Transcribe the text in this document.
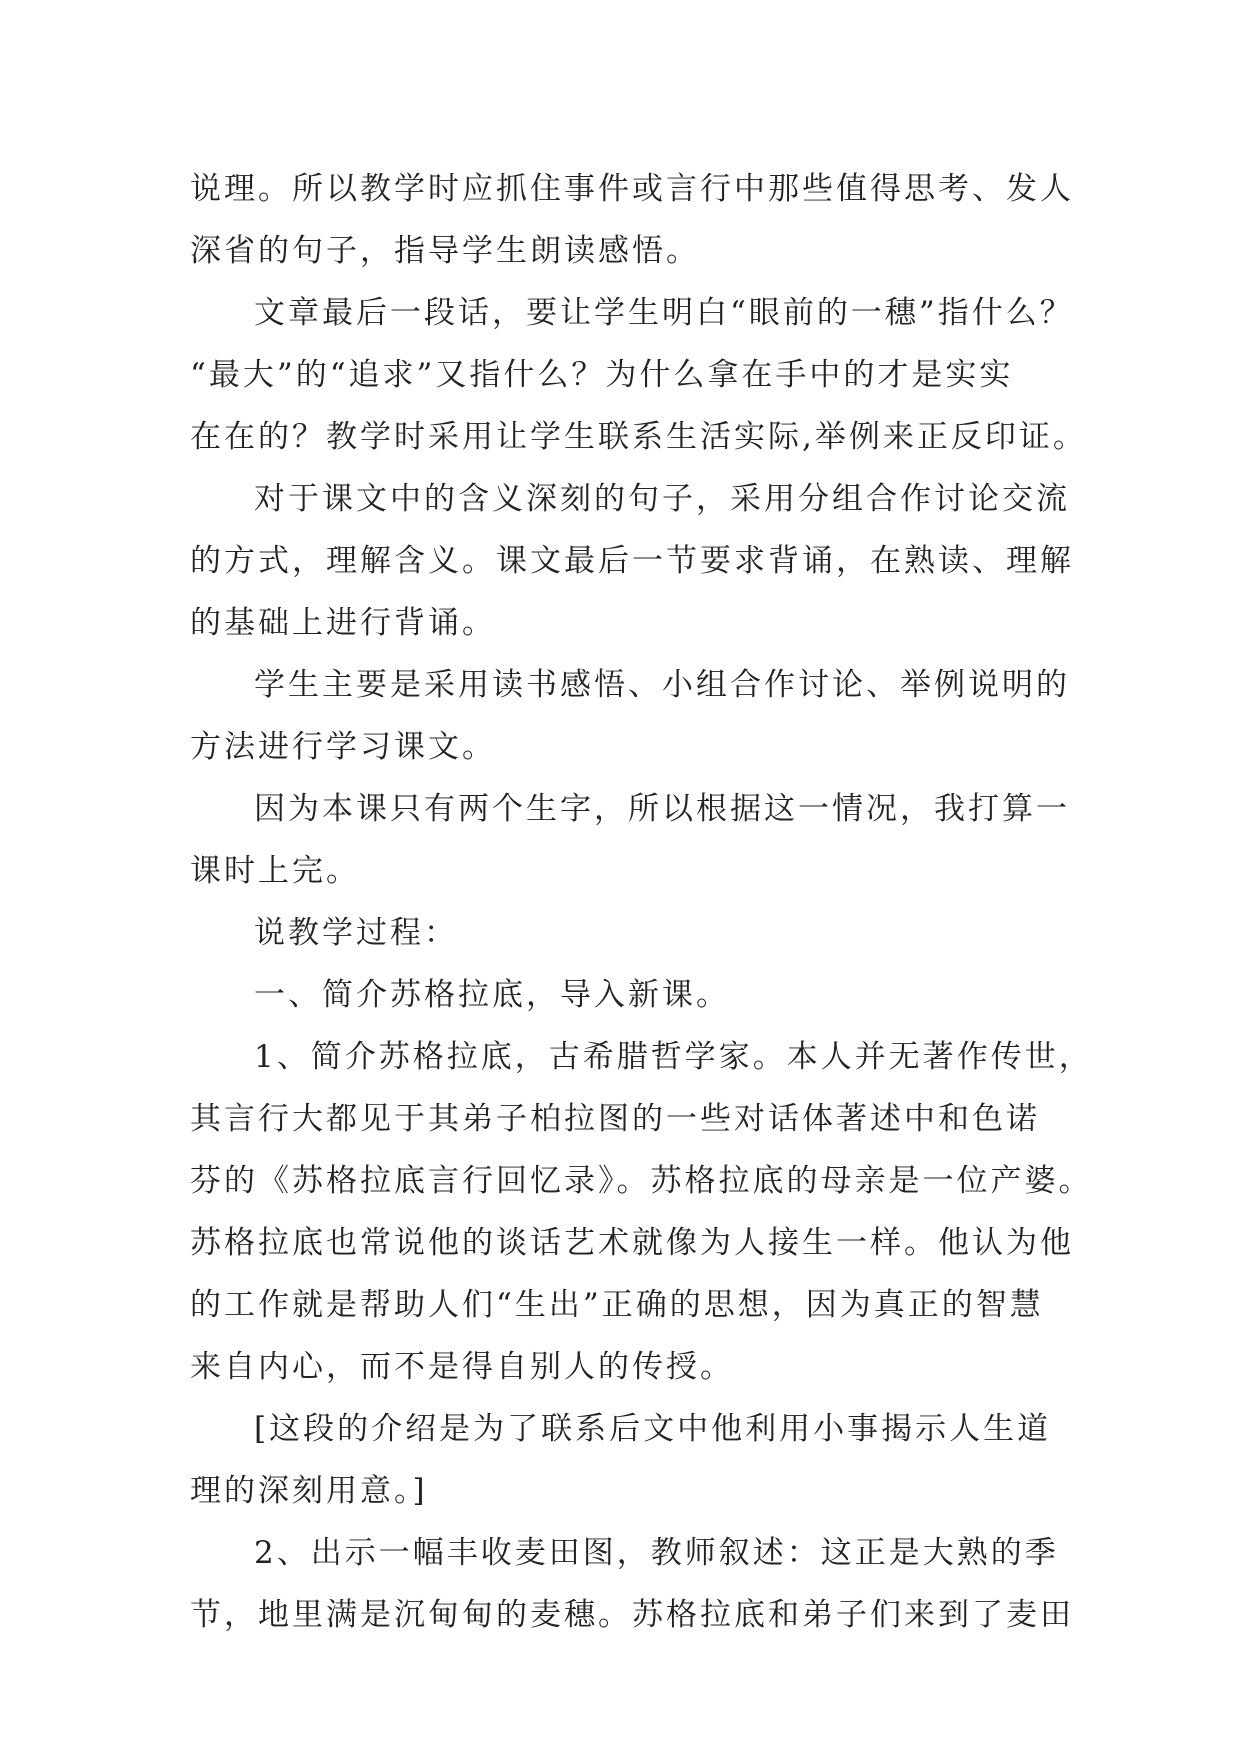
说理。所以教学时应抓住事件或言行中那些值得思考、发人
深省的句子，指导学生朗读感悟。
文章最后一段话，要让学生明白“眼前的一穗”指什么？
“最大”的“追求”又指什么？为什么拿在手中的才是实实
在在的？教学时采用让学生联系生活实际,举例来正反印证。
对于课文中的含义深刻的句子，采用分组合作讨论交流
的方式，理解含义。课文最后一节要求背诵，在熟读、理解
的基础上进行背诵。
学生主要是采用读书感悟、小组合作讨论、举例说明的
方法进行学习课文。
因为本课只有两个生字，所以根据这一情况，我打算一
课时上完。
说教学过程：
一、简介苏格拉底，导入新课。
1、简介苏格拉底，古希腊哲学家。本人并无著作传世，
其言行大都见于其弟子柏拉图的一些对话体著述中和色诺
芬的《苏格拉底言行回忆录》。苏格拉底的母亲是一位产婆。
苏格拉底也常说他的谈话艺术就像为人接生一样。他认为他
的工作就是帮助人们“生出”正确的思想，因为真正的智慧
来自内心，而不是得自别人的传授。
[这段的介绍是为了联系后文中他利用小事揭示人生道
理的深刻用意。]
2、出示一幅丰收麦田图，教师叙述：这正是大熟的季
节，地里满是沉甸甸的麦穗。苏格拉底和弟子们来到了麦田
